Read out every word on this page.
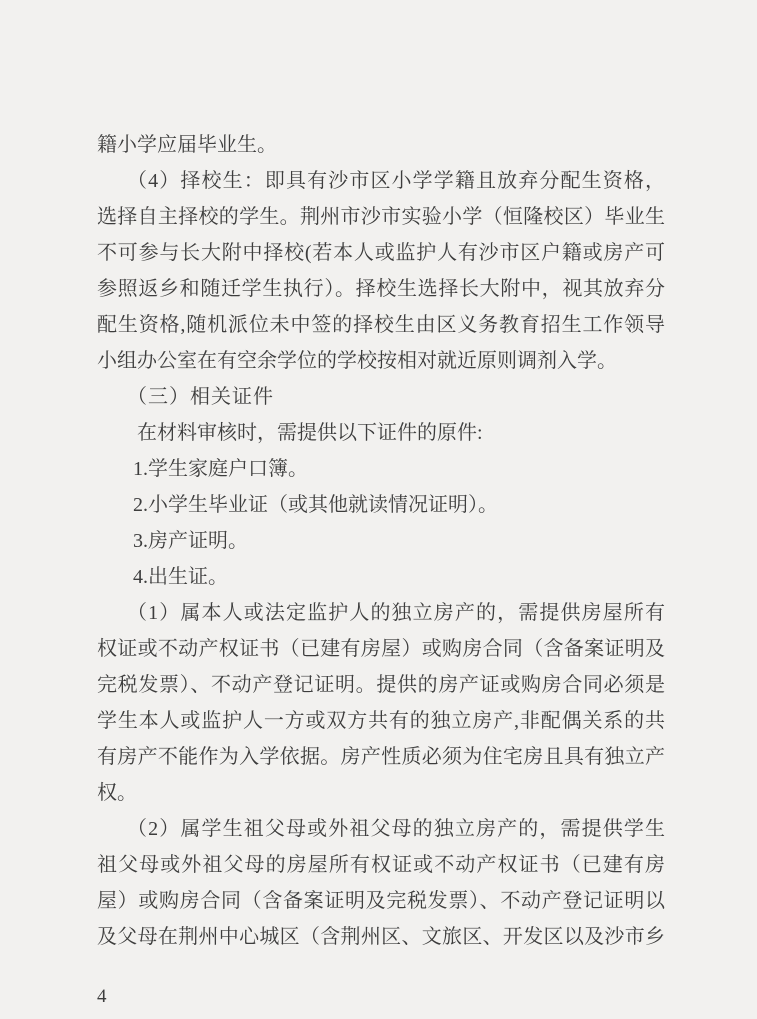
籍小学应届毕业生。
（4）择校生：即具有沙市区小学学籍且放弃分配生资格，
选择自主择校的学生。荆州市沙市实验小学（恒隆校区）毕业生
不可参与长大附中择校(若本人或监护人有沙市区户籍或房产可
参照返乡和随迁学生执行）。择校生选择长大附中，视其放弃分
配生资格,随机派位未中签的择校生由区义务教育招生工作领导
小组办公室在有空余学位的学校按相对就近原则调剂入学。
（三）相关证件
在材料审核时，需提供以下证件的原件:
1.学生家庭户口簿。
2.小学生毕业证（或其他就读情况证明）。
3.房产证明。
4.出生证。
（1）属本人或法定监护人的独立房产的，需提供房屋所有
权证或不动产权证书（已建有房屋）或购房合同（含备案证明及
完税发票）、不动产登记证明。提供的房产证或购房合同必须是
学生本人或监护人一方或双方共有的独立房产,非配偶关系的共
有房产不能作为入学依据。房产性质必须为住宅房且具有独立产
权。
（2）属学生祖父母或外祖父母的独立房产的，需提供学生
祖父母或外祖父母的房屋所有权证或不动产权证书（已建有房
屋）或购房合同（含备案证明及完税发票）、不动产登记证明以
及父母在荆州中心城区（含荆州区、文旅区、开发区以及沙市乡
4
